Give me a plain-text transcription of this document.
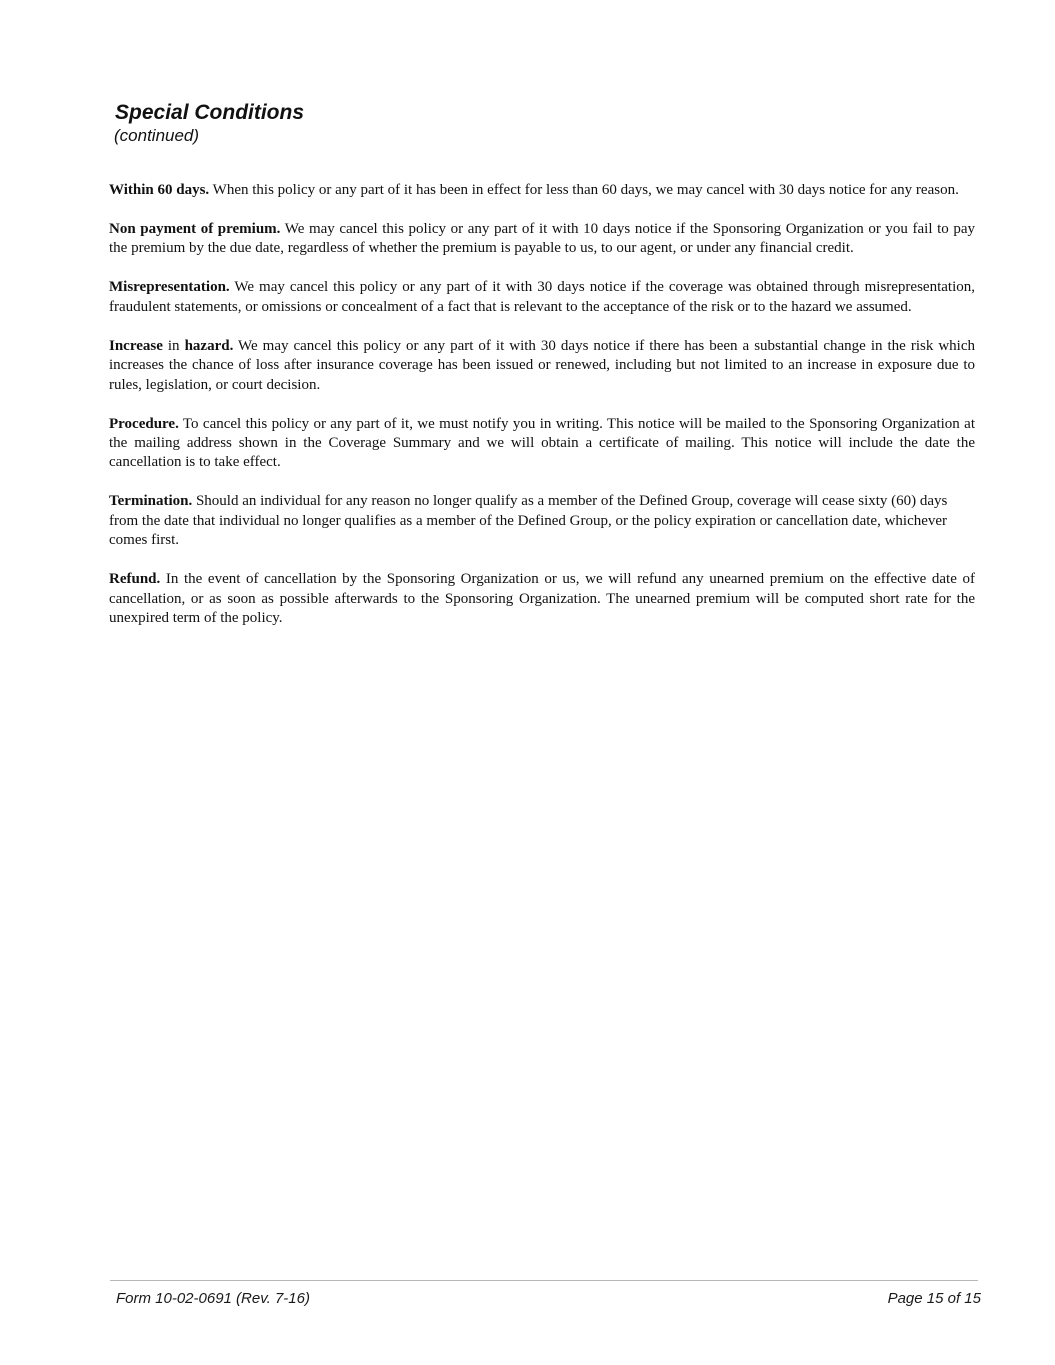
Special Conditions
(continued)

Within 60 days. When this policy or any part of it has been in effect for less than 60 days, we may cancel with 30 days notice for any reason.

Non payment of premium. We may cancel this policy or any part of it with 10 days notice if the Sponsoring Organization or you fail to pay the premium by the due date, regardless of whether the premium is payable to us, to our agent, or under any financial credit.

Misrepresentation. We may cancel this policy or any part of it with 30 days notice if the coverage was obtained through misrepresentation, fraudulent statements, or omissions or concealment of a fact that is relevant to the acceptance of the risk or to the hazard we assumed.

Increase in hazard. We may cancel this policy or any part of it with 30 days notice if there has been a substantial change in the risk which increases the chance of loss after insurance coverage has been issued or renewed, including but not limited to an increase in exposure due to rules, legislation, or court decision.

Procedure. To cancel this policy or any part of it, we must notify you in writing. This notice will be mailed to the Sponsoring Organization at the mailing address shown in the Coverage Summary and we will obtain a certificate of mailing. This notice will include the date the cancellation is to take effect.

Termination. Should an individual for any reason no longer qualify as a member of the Defined Group, coverage will cease sixty (60) days from the date that individual no longer qualifies as a member of the Defined Group, or the policy expiration or cancellation date, whichever comes first.

Refund. In the event of cancellation by the Sponsoring Organization or us, we will refund any unearned premium on the effective date of cancellation, or as soon as possible afterwards to the Sponsoring Organization. The unearned premium will be computed short rate for the unexpired term of the policy.

Form 10-02-0691 (Rev. 7-16)	Page 15 of 15
